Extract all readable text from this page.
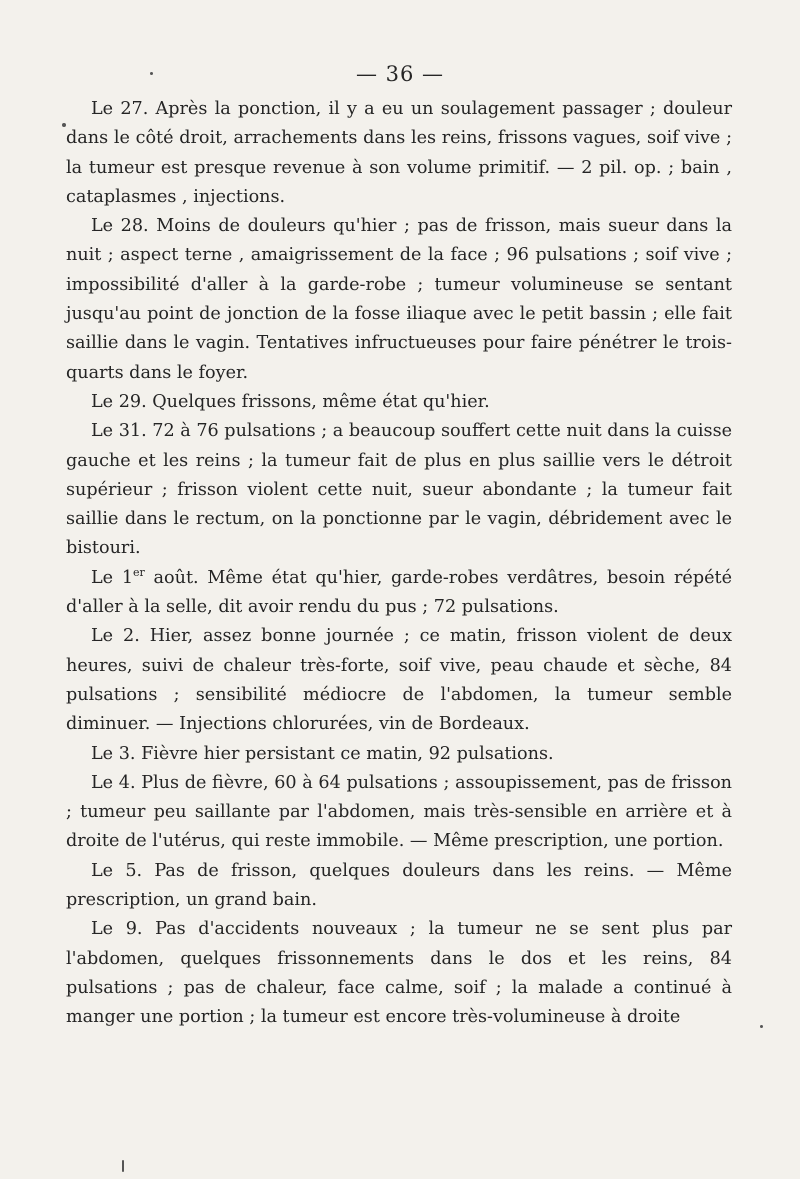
— 36 —

Le 27. Après la ponction, il y a eu un soulagement passager ; douleur dans le côté droit, arrachements dans les reins, frissons vagues, soif vive ; la tumeur est presque revenue à son volume primitif. — 2 pil. op. ; bain , cataplasmes , injections.

Le 28. Moins de douleurs qu'hier ; pas de frisson, mais sueur dans la nuit ; aspect terne , amaigrissement de la face ; 96 pulsations ; soif vive ; impossibilité d'aller à la garde-robe ; tumeur volumineuse se sentant jusqu'au point de jonction de la fosse iliaque avec le petit bassin ; elle fait saillie dans le vagin. Tentatives infructueuses pour faire pénétrer le trois-quarts dans le foyer.

Le 29. Quelques frissons, même état qu'hier.

Le 31. 72 à 76 pulsations ; a beaucoup souffert cette nuit dans la cuisse gauche et les reins ; la tumeur fait de plus en plus saillie vers le détroit supérieur ; frisson violent cette nuit, sueur abondante ; la tumeur fait saillie dans le rectum, on la ponctionne par le vagin, débridement avec le bistouri.

Le 1er août. Même état qu'hier, garde-robes verdâtres, besoin répété d'aller à la selle, dit avoir rendu du pus ; 72 pulsations.

Le 2. Hier, assez bonne journée ; ce matin, frisson violent de deux heures, suivi de chaleur très-forte, soif vive, peau chaude et sèche, 84 pulsations ; sensibilité médiocre de l'abdomen, la tumeur semble diminuer. — Injections chlorurées, vin de Bordeaux.

Le 3. Fièvre hier persistant ce matin, 92 pulsations.

Le 4. Plus de fièvre, 60 à 64 pulsations ; assoupissement, pas de frisson ; tumeur peu saillante par l'abdomen, mais très-sensible en arrière et à droite de l'utérus, qui reste immobile. — Même prescription, une portion.

Le 5. Pas de frisson, quelques douleurs dans les reins. — Même prescription, un grand bain.

Le 9. Pas d'accidents nouveaux ; la tumeur ne se sent plus par l'abdomen, quelques frissonnements dans le dos et les reins, 84 pulsations ; pas de chaleur, face calme, soif ; la malade a continué à manger une portion ; la tumeur est encore très-volumineuse à droite
